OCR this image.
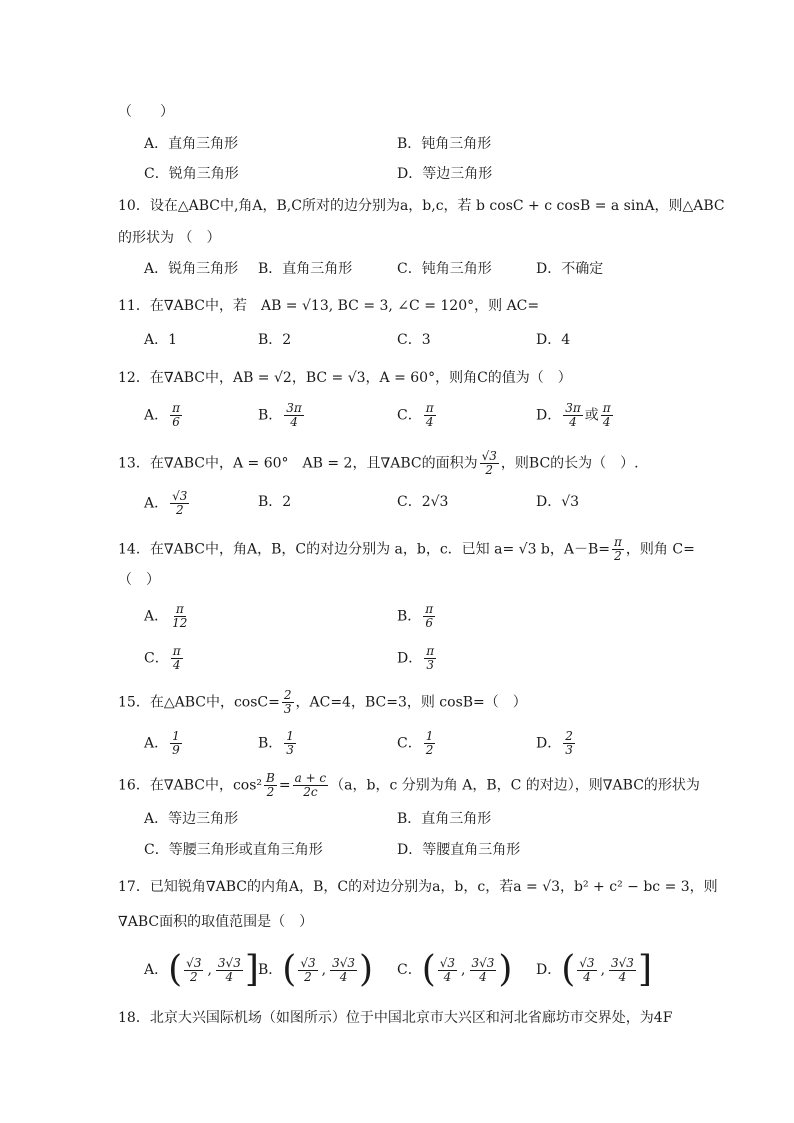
（　　）
A．直角三角形	B．钝角三角形
C．锐角三角形	D．等边三角形
10．设在△ABC中,角A，B,C所对的边分别为a，b,c，若 b cosC + c cosB = a sinA，则△ABC
的形状为 （　）
A．锐角三角形 B．直角三角形	C．钝角三角形	D．不确定
11．在∇ABC中，若　AB = √13, BC = 3, ∠C = 120°，则 AC=
A．1	B．2	C．3	D．4
12．在∇ABC中，AB = √2，BC = √3，A = 60°，则角C的值为（　）
A． $\frac{\pi}{6}$	B． $\frac{3\pi}{4}$	C． $\frac{\pi}{4}$	D． $\frac{3\pi}{4}$ 或 $\frac{\pi}{4}$
13．在∇ABC中，A = 60°　AB = 2，且∇ABC的面积为 $\frac{√3}{2}$ ，则BC的长为（　）.
A． $\frac{√3}{2}$	B．2	C．2√3	D．√3
14．在∇ABC中，角A，B，C的对边分别为 a，b，c．已知 a= √3 b，$A-B= \frac{\pi}{2}$ ，则角 C=
（　）
A． $\frac{\pi}{12}$	B． $\frac{\pi}{6}$
C． $\frac{\pi}{4}$	D． $\frac{\pi}{3}$
15．在△ABC中，$\cos C= \frac{2}{3}$ ，AC=4，BC=3，则 cosB=（　）
A． $\frac{1}{9}$	B． $\frac{1}{3}$	C． $\frac{1}{2}$	D． $\frac{2}{3}$
16．在∇ABC中，$\cos^2 \frac{B}{2} = \frac{a + c}{2c} (a$，b，c 分别为角 A，B，C 的对边），则∇ABC的形状为
A．等边三角形	B．直角三角形
C．等腰三角形或直角三角形	D．等腰直角三角形
17．已知锐角∇ABC的内角A，B，C的对边分别为a，b，c，若a = √3，b² + c² − bc = 3，则
∇ABC面积的取值范围是（　）
A． ( $\frac{√3}{2}$ , $\frac{3√3}{4}$ ] B． ( $\frac{√3}{2}$ , $\frac{3√3}{4}$ ) C． ( $\frac{√3}{4}$ , $\frac{3√3}{4}$ ) D． ( $\frac{√3}{4}$ , $\frac{3√3}{4}$ ]
18．北京大兴国际机场（如图所示）位于中国北京市大兴区和河北省廊坊市交界处，为4F
